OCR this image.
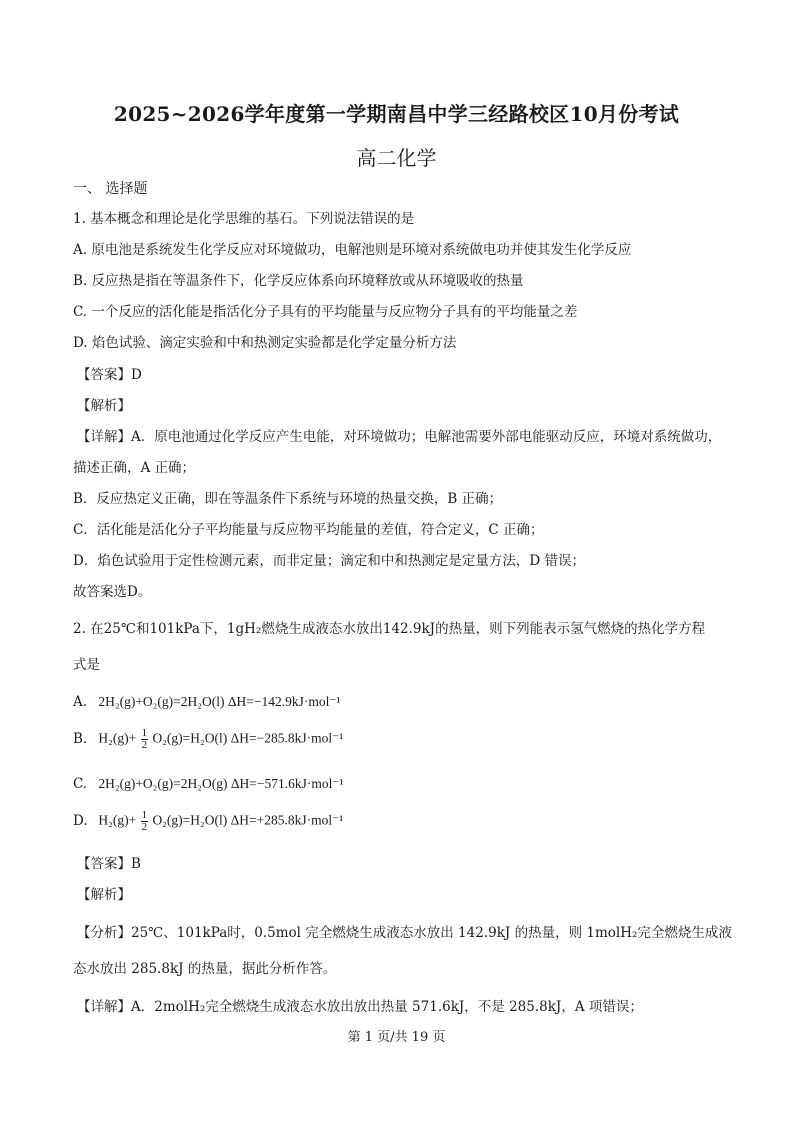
2025~2026学年度第一学期南昌中学三经路校区10月份考试
高二化学
一、 选择题
1. 基本概念和理论是化学思维的基石。下列说法错误的是
A. 原电池是系统发生化学反应对环境做功，电解池则是环境对系统做电功并使其发生化学反应
B. 反应热是指在等温条件下，化学反应体系向环境释放或从环境吸收的热量
C. 一个反应的活化能是指活化分子具有的平均能量与反应物分子具有的平均能量之差
D. 焰色试验、滴定实验和中和热测定实验都是化学定量分析方法
【答案】D
【解析】
【详解】A．原电池通过化学反应产生电能，对环境做功；电解池需要外部电能驱动反应，环境对系统做功，
描述正确，A 正确；
B．反应热定义正确，即在等温条件下系统与环境的热量交换，B 正确；
C．活化能是活化分子平均能量与反应物平均能量的差值，符合定义，C 正确；
D．焰色试验用于定性检测元素，而非定量；滴定和中和热测定是定量方法，D 错误；
故答案选D。
2. 在25℃和101kPa下，1gH₂燃烧生成液态水放出142.9kJ的热量，则下列能表示氢气燃烧的热化学方程
式是
A. 2H₂(g)+O₂(g)=2H₂O(l) ΔH=−142.9kJ·mol⁻¹
B. $H_2(g)+ \frac{1}{2} O_2(g)=H_2O(l)$ ΔH=−285.8kJ·mol⁻¹
C. 2H₂(g)+O₂(g)=2H₂O(g) ΔH=−571.6kJ·mol⁻¹
D. $H_2(g)+ \frac{1}{2} O_2(g)=H_2O(l)$ ΔH=+285.8kJ·mol⁻¹
【答案】B
【解析】
【分析】25℃、101kPa时，0.5mol 完全燃烧生成液态水放出 142.9kJ 的热量，则 1molH₂完全燃烧生成液
态水放出 285.8kJ 的热量，据此分析作答。
【详解】A．2molH₂完全燃烧生成液态水放出放出热量 571.6kJ，不是 285.8kJ，A 项错误；
第 1 页/共 19 页
